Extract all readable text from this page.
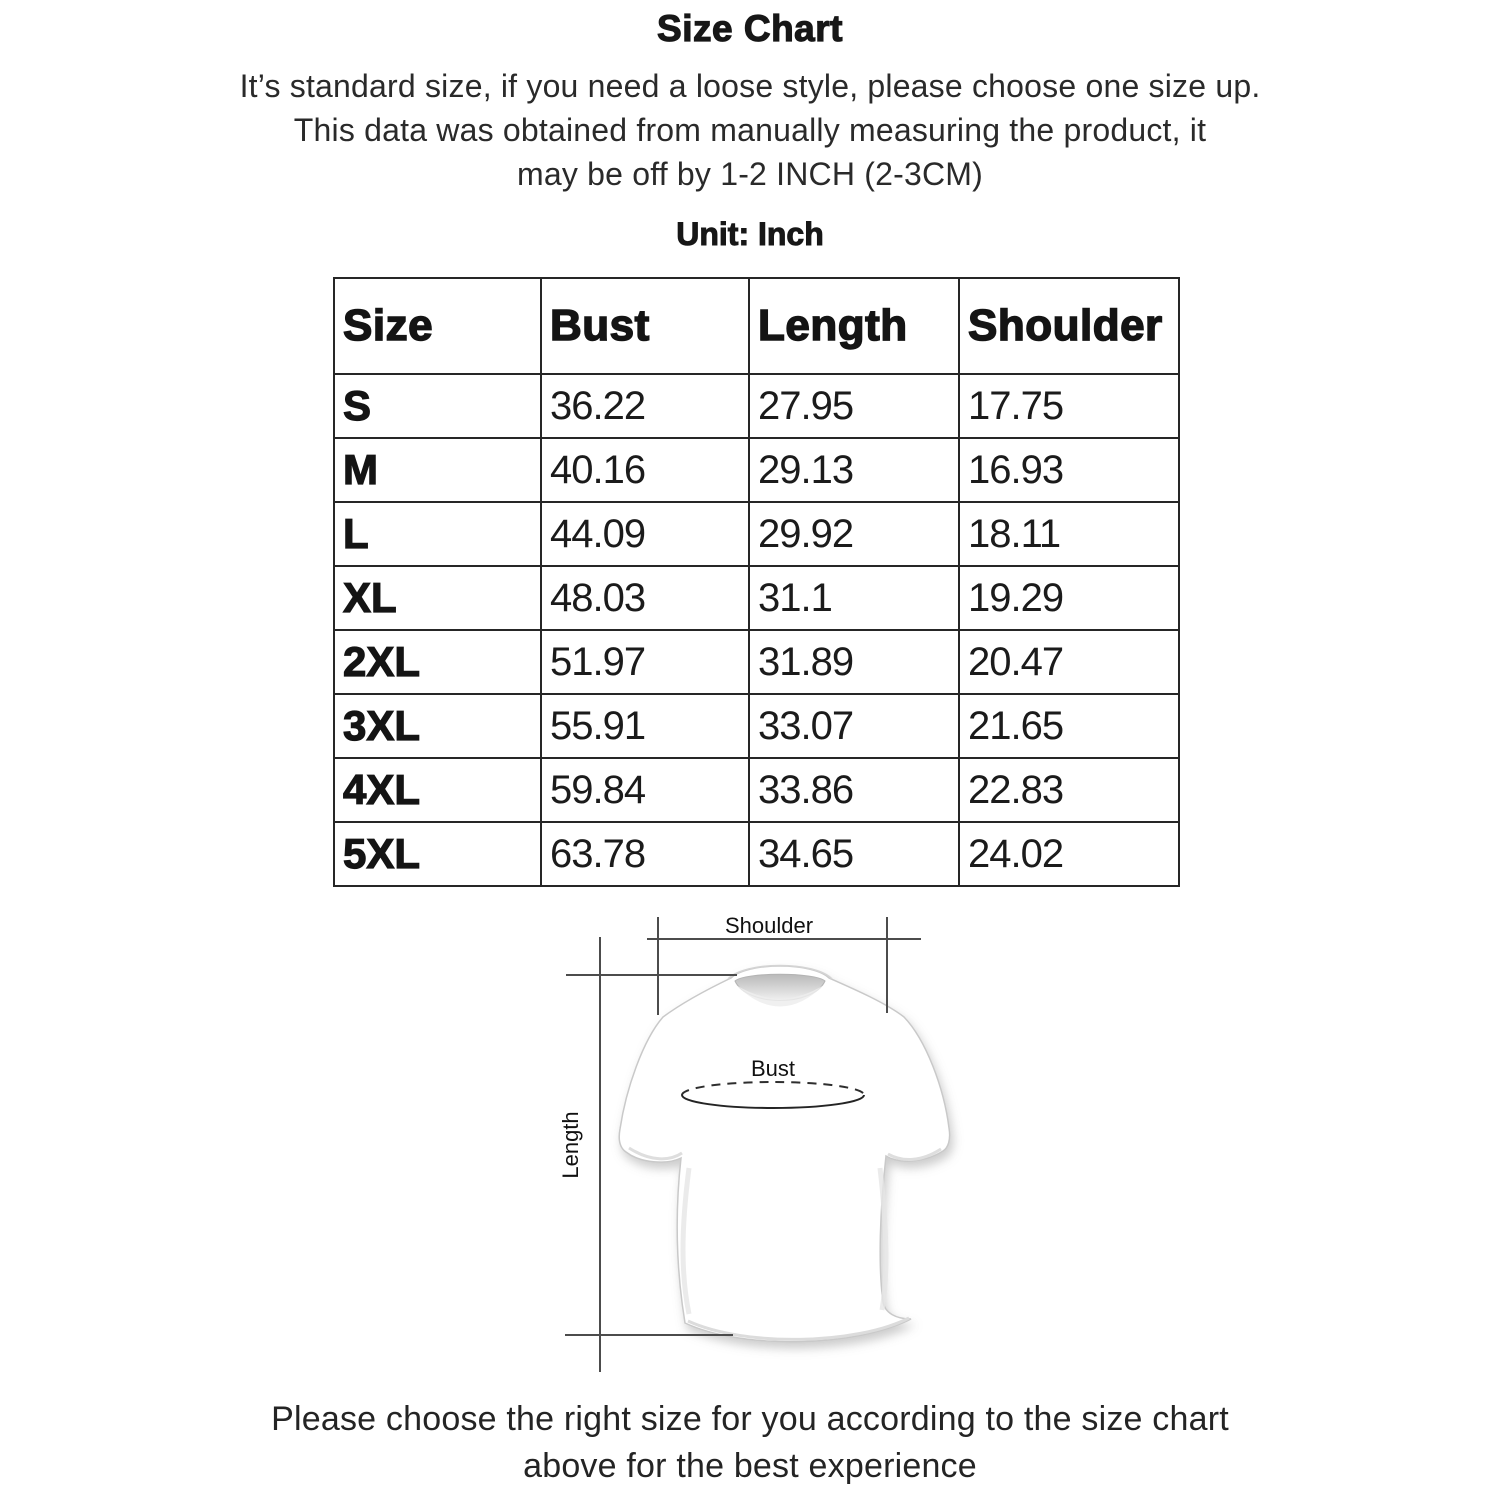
Size Chart
It’s standard size, if you need a loose style, please choose one size up.
This data was obtained from manually measuring the product, it
may be off by 1-2 INCH (2-3CM)
Unit: Inch
Size	Bust	Length	Shoulder
S	36.22	27.95	17.75
M	40.16	29.13	16.93
L	44.09	29.92	18.11
XL	48.03	31.1	19.29
2XL	51.97	31.89	20.47
3XL	55.91	33.07	21.65
4XL	59.84	33.86	22.83
5XL	63.78	34.65	24.02
Bust
Shoulder
Length
Please choose the right size for you according to the size chart
above for the best experience
